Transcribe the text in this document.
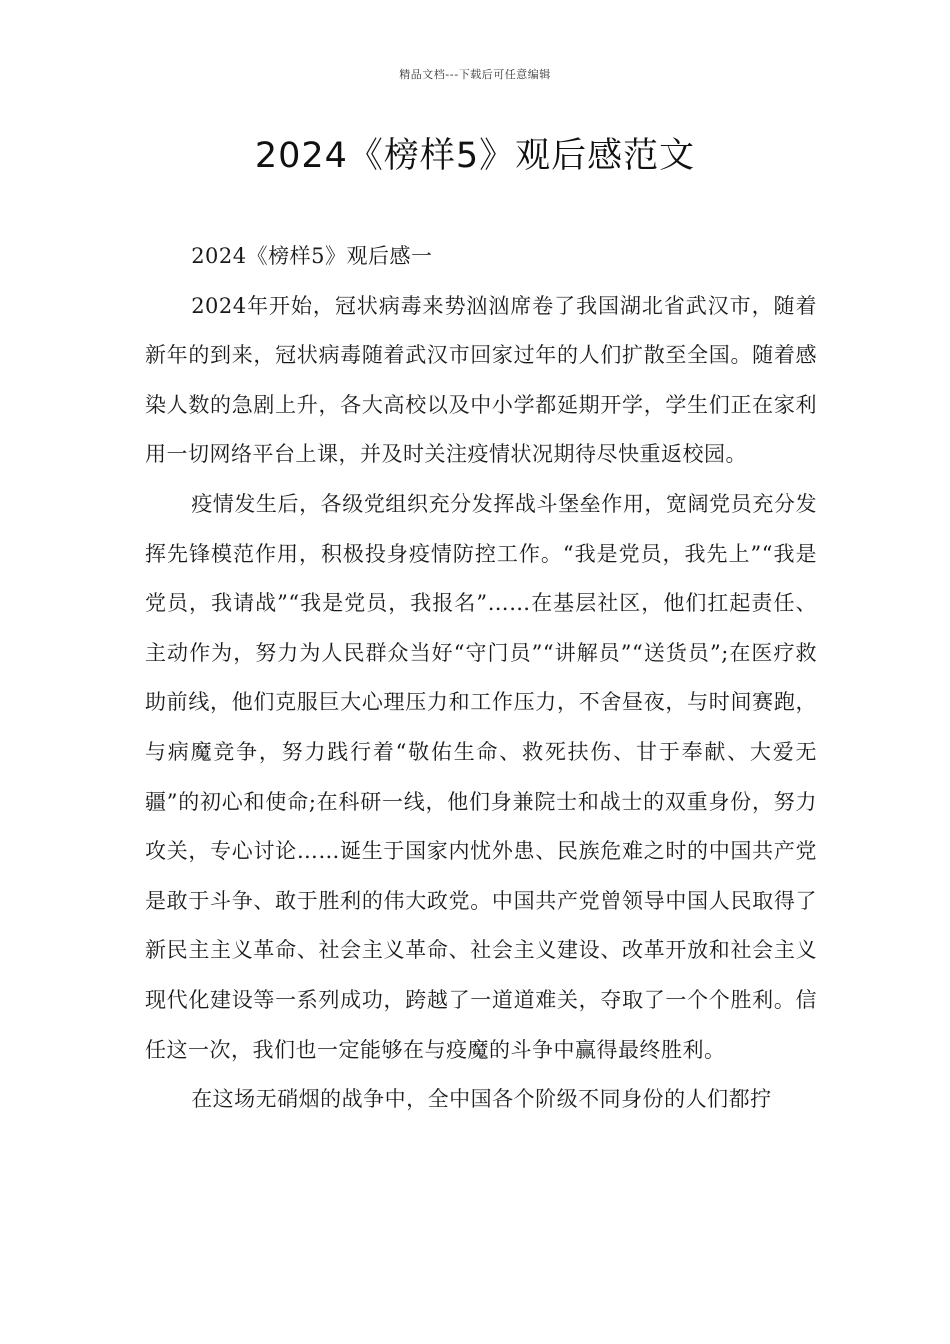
精品文档---下载后可任意编辑
2024《榜样5》观后感范文

2024《榜样5》观后感一

2024年开始，冠状病毒来势汹汹席卷了我国湖北省武汉市，随着新年的到来，冠状病毒随着武汉市回家过年的人们扩散至全国。随着感染人数的急剧上升，各大高校以及中小学都延期开学，学生们正在家利用一切网络平台上课，并及时关注疫情状况期待尽快重返校园。

疫情发生后，各级党组织充分发挥战斗堡垒作用，宽阔党员充分发挥先锋模范作用，积极投身疫情防控工作。“我是党员，我先上”“我是党员，我请战”“我是党员，我报名”……在基层社区，他们扛起责任、主动作为，努力为人民群众当好“守门员”“讲解员”“送货员”;在医疗救助前线，他们克服巨大心理压力和工作压力，不舍昼夜，与时间赛跑，与病魔竞争，努力践行着“敬佑生命、救死扶伤、甘于奉献、大爱无疆”的初心和使命;在科研一线，他们身兼院士和战士的双重身份，努力攻关，专心讨论……诞生于国家内忧外患、民族危难之时的中国共产党是敢于斗争、敢于胜利的伟大政党。中国共产党曾领导中国人民取得了新民主主义革命、社会主义革命、社会主义建设、改革开放和社会主义现代化建设等一系列成功，跨越了一道道难关，夺取了一个个胜利。信任这一次，我们也一定能够在与疫魔的斗争中赢得最终胜利。

在这场无硝烟的战争中，全中国各个阶级不同身份的人们都拧
